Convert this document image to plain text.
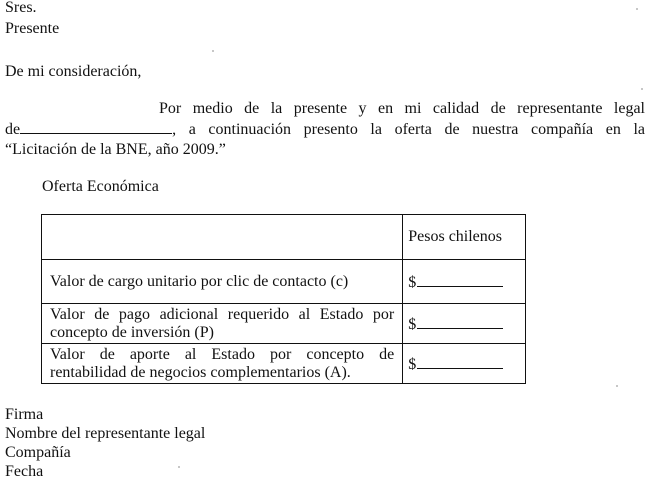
Sres.
Presente
De mi consideración,
Por medio de la presente y en mi calidad de representante legal
de	, a continuación presento la oferta de nuestra compañía en la
“Licitación de la BNE, año 2009.”
Oferta Económica
	Pesos chilenos
Valor de cargo unitario por clic de contacto (c)	$
Valor de pago adicional requerido al Estado por concepto de inversión (P)	$
Valor de aporte al Estado por concepto de rentabilidad de negocios complementarios (A).	$
Firma
Nombre del representante legal
Compañía
Fecha
